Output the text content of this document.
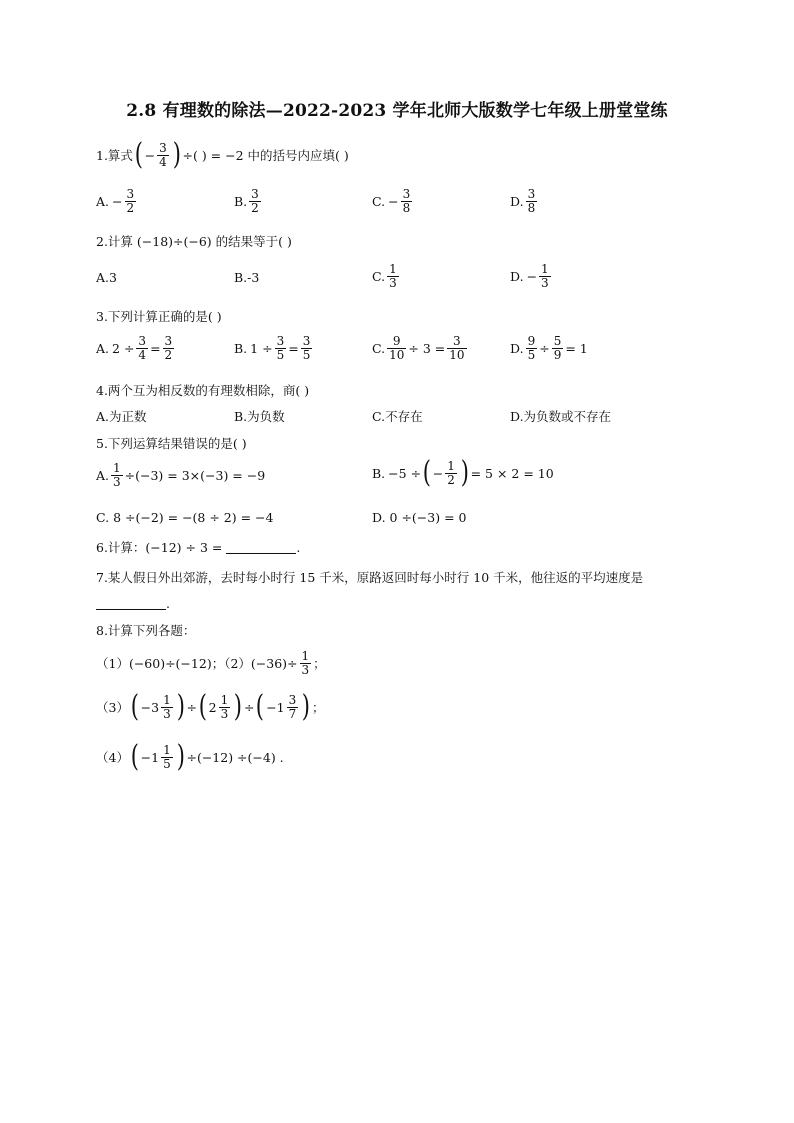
2.8 有理数的除法—2022-2023 学年北师大版数学七年级上册堂堂练
1.算式 ( − $\frac{3}{4}$ ) ÷( ) = −2 中的括号内应填( )
A. − $\frac{3}{2}$	B. $\frac{3}{2}$	C. − $\frac{3}{8}$	D. $\frac{3}{8}$
2.计算 (−18)÷(−6) 的结果等于( )
A.3	B.-3	C. $\frac{1}{3}$	D. − $\frac{1}{3}$
3.下列计算正确的是( )
A. $2 \div \frac{3}{4} = \frac{3}{2}$	B. $1 \div \frac{3}{5} = \frac{3}{5}$	C. $\frac{9}{10} \div 3 = \frac{3}{10}$	D. $\frac{9}{5} \div \frac{5}{9} = 1$
4.两个互为相反数的有理数相除，商( )
A.为正数	B.为负数	C.不存在	D.为负数或不存在
5.下列运算结果错误的是( )
A. $\frac{1}{3} \div(-3) = 3\times(-3) = -9$	B. −5 ÷ ( − $\frac{1}{2}$ ) = 5 × 2 = 10
C. 8 ÷(−2) = −(8 ÷ 2) = −4	D. 0 ÷(−3) = 0
6.计算：(−12) ÷ 3 =	.
7.某人假日外出郊游，去时每小时行 15 千米，原路返回时每小时行 10 千米，他往返的平均速度是
.
8.计算下列各题：
（1）(−60)÷(−12)；$(2)(-36)\div \frac{1}{3}$ ；
（3） ( $-3 \frac{1}{3}$ ) ÷ ( $2 \frac{1}{3}$ ) ÷ ( $-1 \frac{3}{7}$ ) ；
（4） ( $-1 \frac{1}{5}$ ) ÷(−12) ÷(−4) .
